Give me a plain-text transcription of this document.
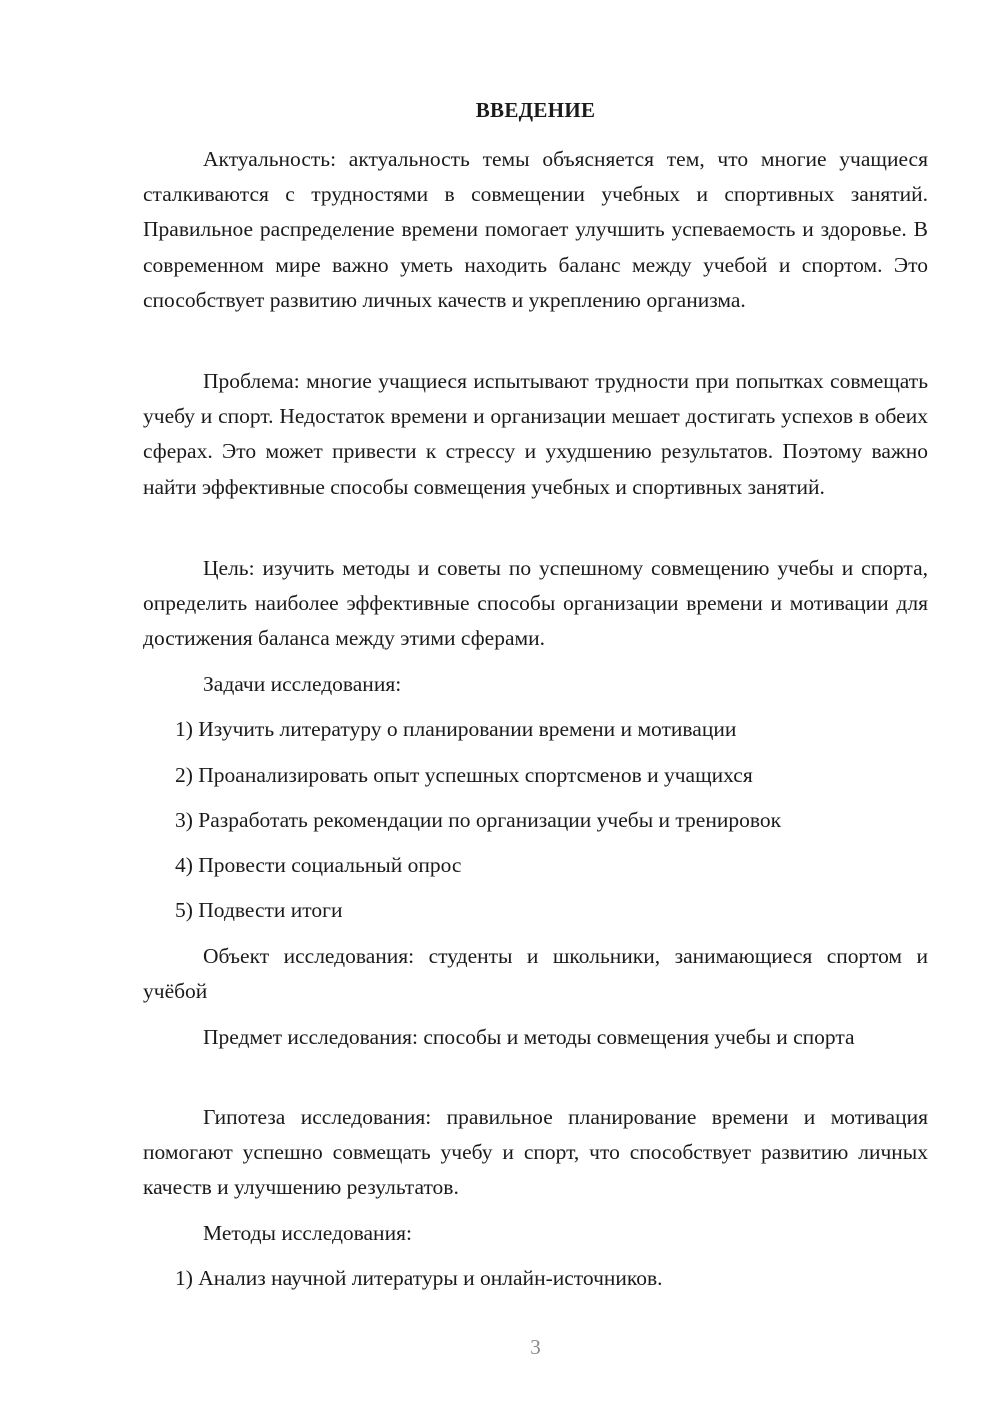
ВВЕДЕНИЕ

Актуальность: актуальность темы объясняется тем, что многие учащиеся сталкиваются с трудностями в совмещении учебных и спортивных занятий. Правильное распределение времени помогает улучшить успеваемость и здоровье. В современном мире важно уметь находить баланс между учебой и спортом. Это способствует развитию личных качеств и укреплению организма.

Проблема: многие учащиеся испытывают трудности при попытках совмещать учебу и спорт. Недостаток времени и организации мешает достигать успехов в обеих сферах. Это может привести к стрессу и ухудшению результатов. Поэтому важно найти эффективные способы совмещения учебных и спортивных занятий.

Цель: изучить методы и советы по успешному совмещению учебы и спорта, определить наиболее эффективные способы организации времени и мотивации для достижения баланса между этими сферами.

Задачи исследования:

1) Изучить литературу о планировании времени и мотивации
2) Проанализировать опыт успешных спортсменов и учащихся
3) Разработать рекомендации по организации учебы и тренировок
4) Провести социальный опрос
5) Подвести итоги

Объект исследования: студенты и школьники, занимающиеся спортом и учёбой

Предмет исследования: способы и методы совмещения учебы и спорта

Гипотеза исследования: правильное планирование времени и мотивация помогают успешно совмещать учебу и спорт, что способствует развитию личных качеств и улучшению результатов.

Методы исследования:

1) Анализ научной литературы и онлайн-источников.
3
